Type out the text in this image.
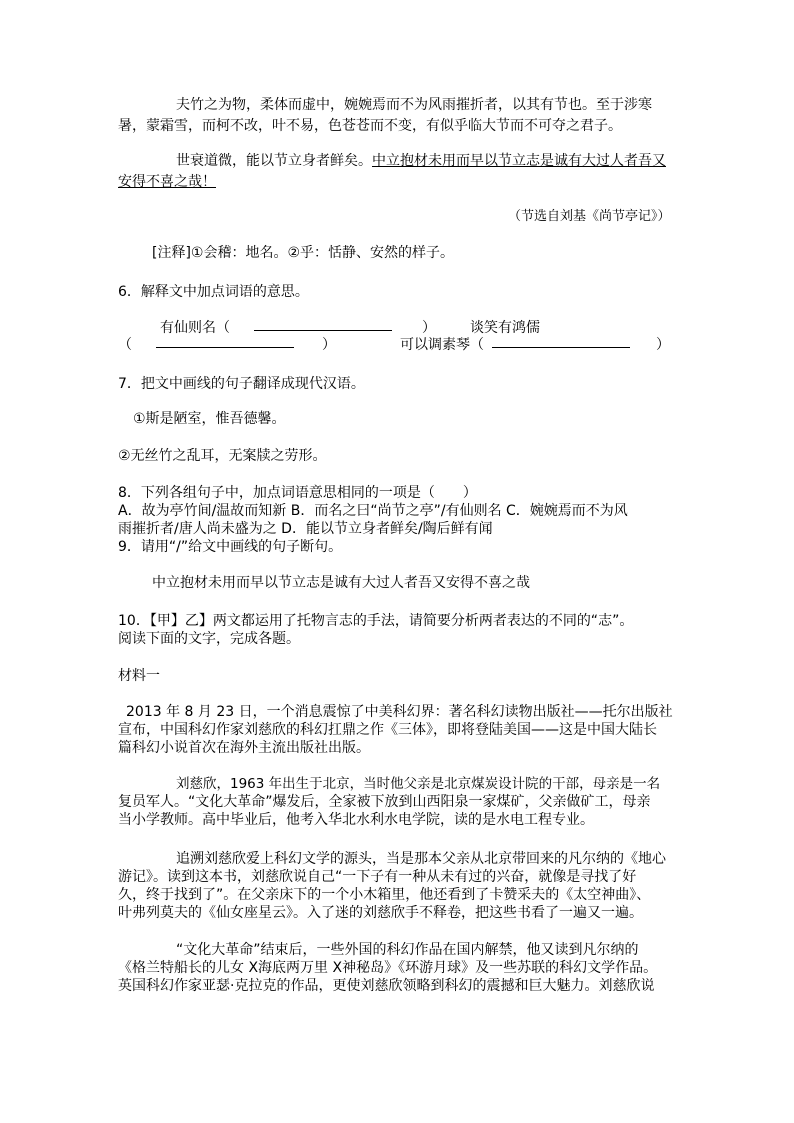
夫竹之为物，柔体而虚中，婉婉焉而不为风雨摧折者，以其有节也。至于涉寒
暑，蒙霜雪，而柯不改，叶不易，色苍苍而不变，有似乎临大节而不可夺之君子。
世衰道微，能以节立身者鲜矣。中立抱材未用而早以节立志是诚有大过人者吾又
安得不喜之哉！
（节选自刘基《尚节亭记》）
[注释]①会稽：地名。②乎：恬静、安然的样子。
6．解释文中加点词语的意思。
有仙则名（	） 谈笑有鸿儒
（	）	可以调素琴（	）
7．把文中画线的句子翻译成现代汉语。
①斯是陋室，惟吾德馨。
②无丝竹之乱耳，无案牍之劳形。
8．下列各组句子中，加点词语意思相同的一项是（　　）
A．故为亭竹间/温故而知新 B．而名之曰“尚节之亭”/有仙则名 C．婉婉焉而不为风
雨摧折者/唐人尚未盛为之 D．能以节立身者鲜矣/陶后鲜有闻
9．请用“/”给文中画线的句子断句。
中立抱材未用而早以节立志是诚有大过人者吾又安得不喜之哉
10．【甲】乙】两文都运用了托物言志的手法，请简要分析两者表达的不同的“志”。
阅读下面的文字，完成各题。
材料一
2013 年 8 月 23 日，一个消息震惊了中美科幻界：著名科幻读物出版社——托尔出版社
宣布，中国科幻作家刘慈欣的科幻扛鼎之作《三体》，即将登陆美国——这是中国大陆长
篇科幻小说首次在海外主流出版社出版。
刘慈欣，1963 年出生于北京，当时他父亲是北京煤炭设计院的干部，母亲是一名
复员军人。“文化大革命”爆发后，全家被下放到山西阳泉一家煤矿，父亲做矿工，母亲
当小学教师。高中毕业后，他考入华北水利水电学院，读的是水电工程专业。
追溯刘慈欣爱上科幻文学的源头，当是那本父亲从北京带回来的凡尔纳的《地心
游记》。读到这本书，刘慈欣说自己“一下子有一种从未有过的兴奋，就像是寻找了好
久，终于找到了”。在父亲床下的一个小木箱里，他还看到了卡赞采夫的《太空神曲》、
叶弗列莫夫的《仙女座星云》。入了迷的刘慈欣手不释卷，把这些书看了一遍又一遍。
“文化大革命”结束后，一些外国的科幻作品在国内解禁，他又读到凡尔纳的
《格兰特船长的儿女 X海底两万里 X神秘岛》《环游月球》及一些苏联的科幻文学作品。
英国科幻作家亚瑟·克拉克的作品，更使刘慈欣领略到科幻的震撼和巨大魅力。刘慈欣说
